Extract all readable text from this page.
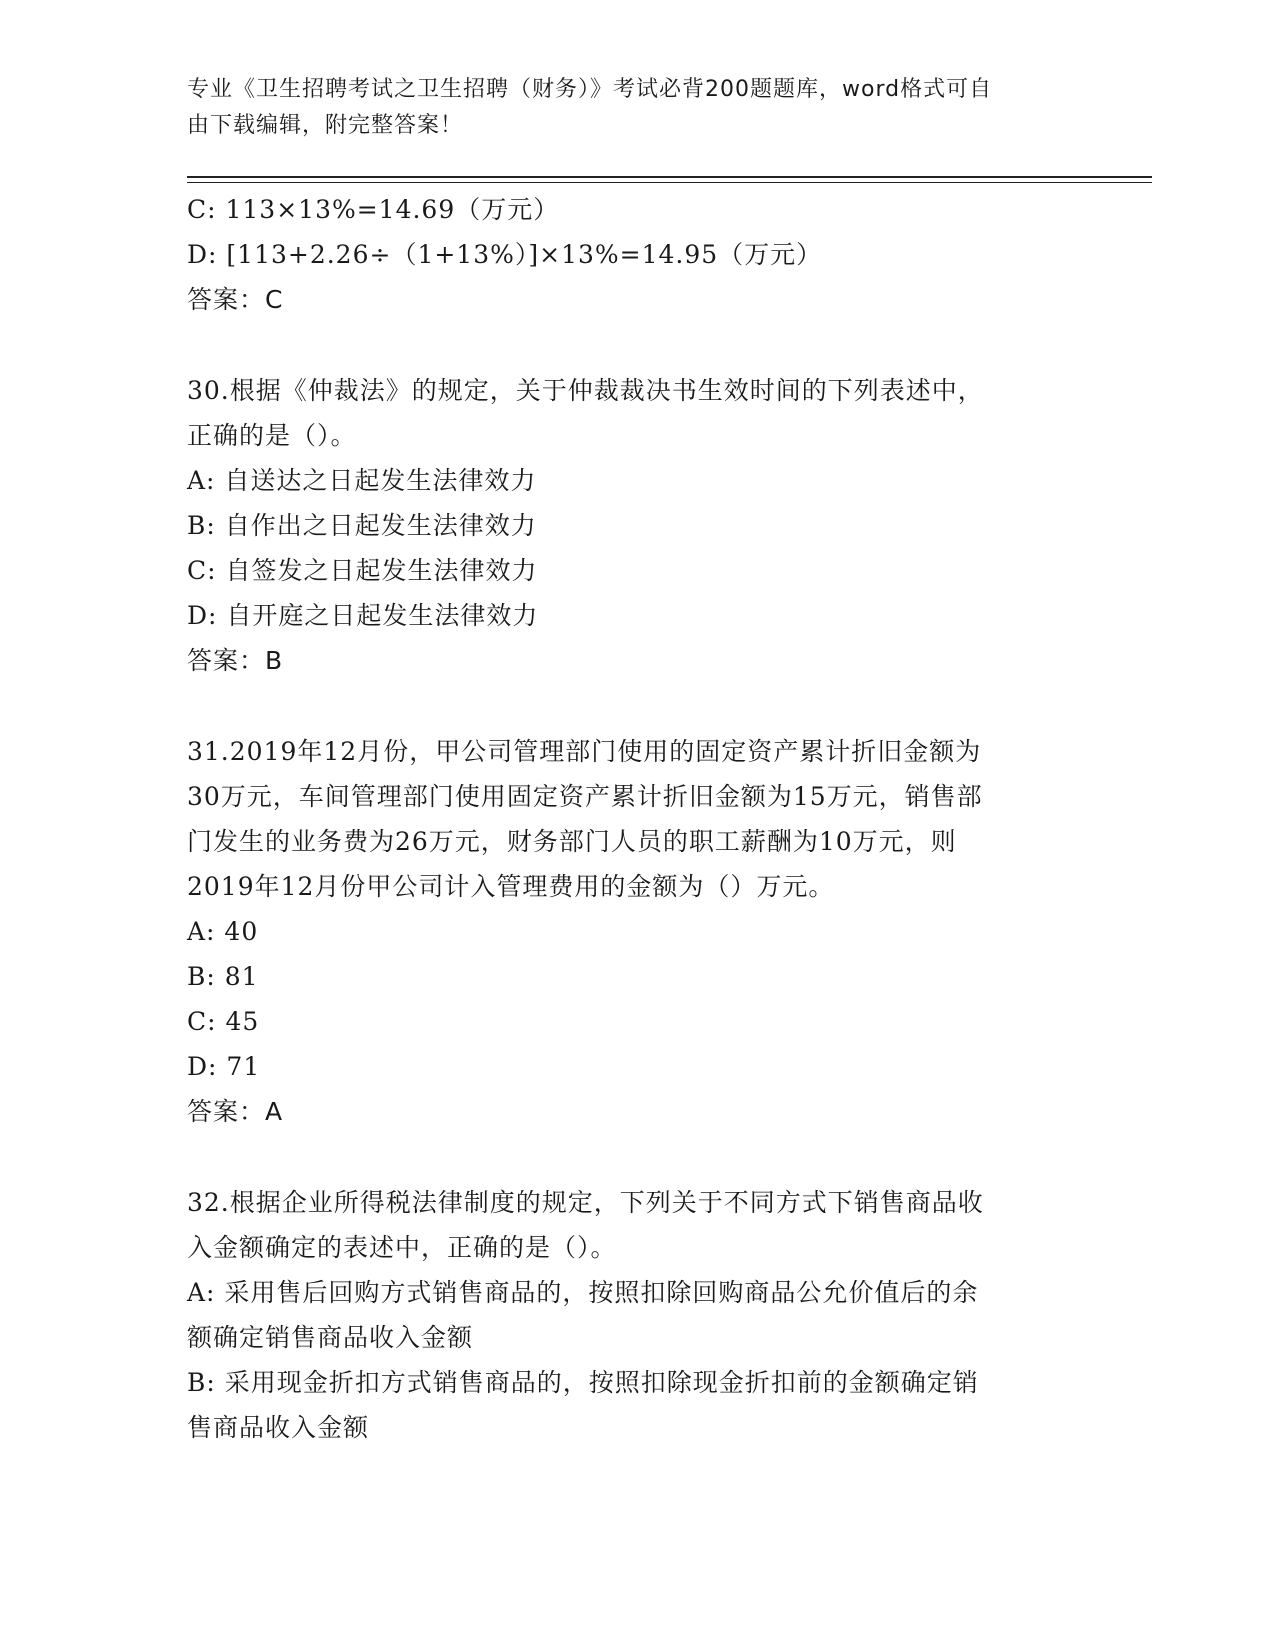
专业《卫生招聘考试之卫生招聘（财务）》考试必背200题题库，word格式可自
由下载编辑，附完整答案！
C: 113×13%=14.69（万元）
D: [113+2.26÷（1+13%）]×13%=14.95（万元）
答案：C
30.根据《仲裁法》的规定，关于仲裁裁决书生效时间的下列表述中，
正确的是（）。
A: 自送达之日起发生法律效力
B: 自作出之日起发生法律效力
C: 自签发之日起发生法律效力
D: 自开庭之日起发生法律效力
答案：B
31.2019年12月份，甲公司管理部门使用的固定资产累计折旧金额为
30万元，车间管理部门使用固定资产累计折旧金额为15万元，销售部
门发生的业务费为26万元，财务部门人员的职工薪酬为10万元，则
2019年12月份甲公司计入管理费用的金额为（）万元。
A: 40
B: 81
C: 45
D: 71
答案：A
32.根据企业所得税法律制度的规定，下列关于不同方式下销售商品收
入金额确定的表述中，正确的是（）。
A: 采用售后回购方式销售商品的，按照扣除回购商品公允价值后的余
额确定销售商品收入金额
B: 采用现金折扣方式销售商品的，按照扣除现金折扣前的金额确定销
售商品收入金额
